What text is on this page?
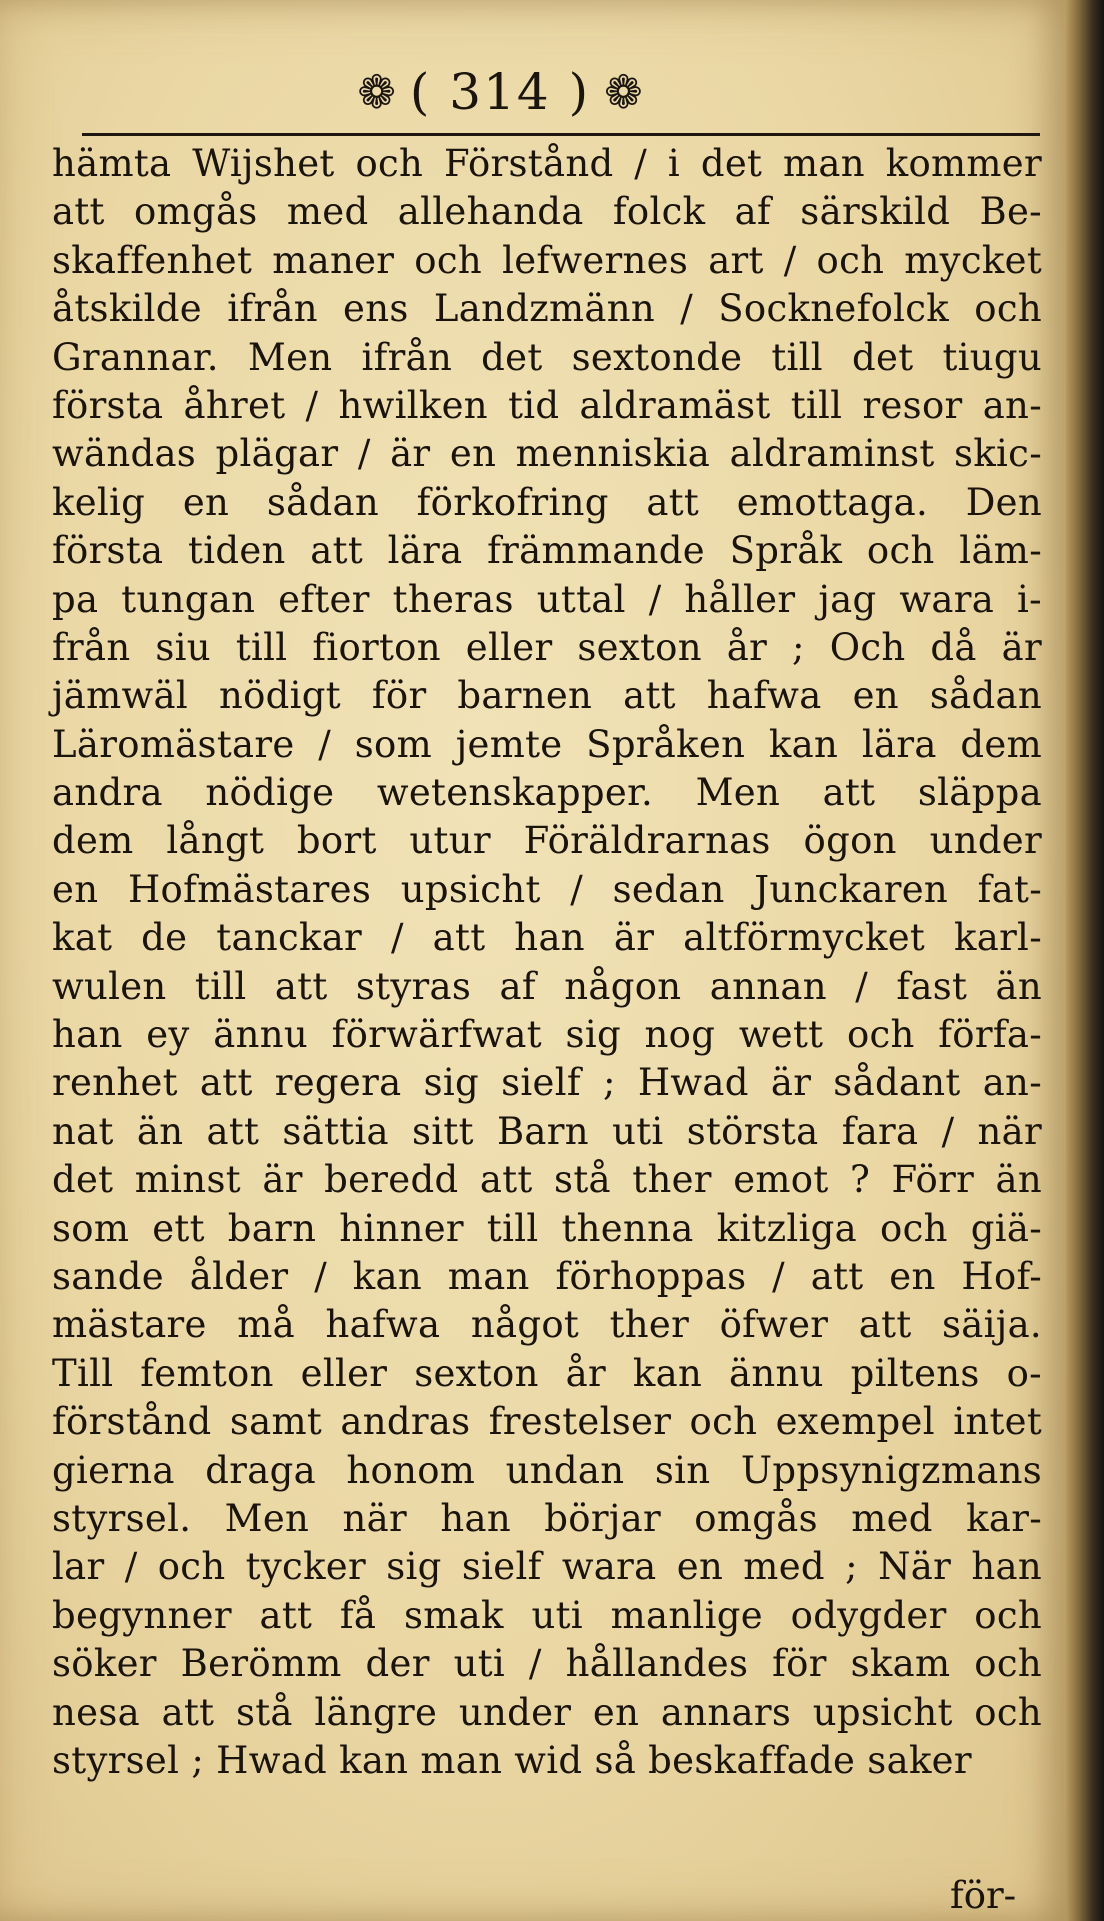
❁ ( 314 ) ❁
hämta Wijshet och Förstånd / i det man kommer
att omgås med allehanda folck af särskild Be-
skaffenhet maner och lefwernes art / och mycket
åtskilde ifrån ens Landzmänn / Socknefolck och
Grannar. Men ifrån det sextonde till det tiugu
första åhret / hwilken tid aldramäst till resor an-
wändas plägar / är en menniskia aldraminst skic-
kelig en sådan förkofring att emottaga. Den
första tiden att lära främmande Språk och läm-
pa tungan efter theras uttal / håller jag wara i-
från siu till fiorton eller sexton år ; Och då är
jämwäl nödigt för barnen att hafwa en sådan
Läromästare / som jemte Språken kan lära dem
andra nödige wetenskapper. Men att släppa
dem långt bort utur Föräldrarnas ögon under
en Hofmästares upsicht / sedan Junckaren fat-
kat de tanckar / att han är altförmycket karl-
wulen till att styras af någon annan / fast än
han ey ännu förwärfwat sig nog wett och förfa-
renhet att regera sig sielf ; Hwad är sådant an-
nat än att sättia sitt Barn uti största fara / när
det minst är beredd att stå ther emot ? Förr än
som ett barn hinner till thenna kitzliga och giä-
sande ålder / kan man förhoppas / att en Hof-
mästare må hafwa något ther öfwer att säija.
Till femton eller sexton år kan ännu piltens o-
förstånd samt andras frestelser och exempel intet
gierna draga honom undan sin Uppsynigzmans
styrsel. Men när han börjar omgås med kar-
lar / och tycker sig sielf wara en med ; När han
begynner att få smak uti manlige odygder och
söker Berömm der uti / hållandes för skam och
nesa att stå längre under en annars upsicht och
styrsel ; Hwad kan man wid så beskaffade saker
för-
